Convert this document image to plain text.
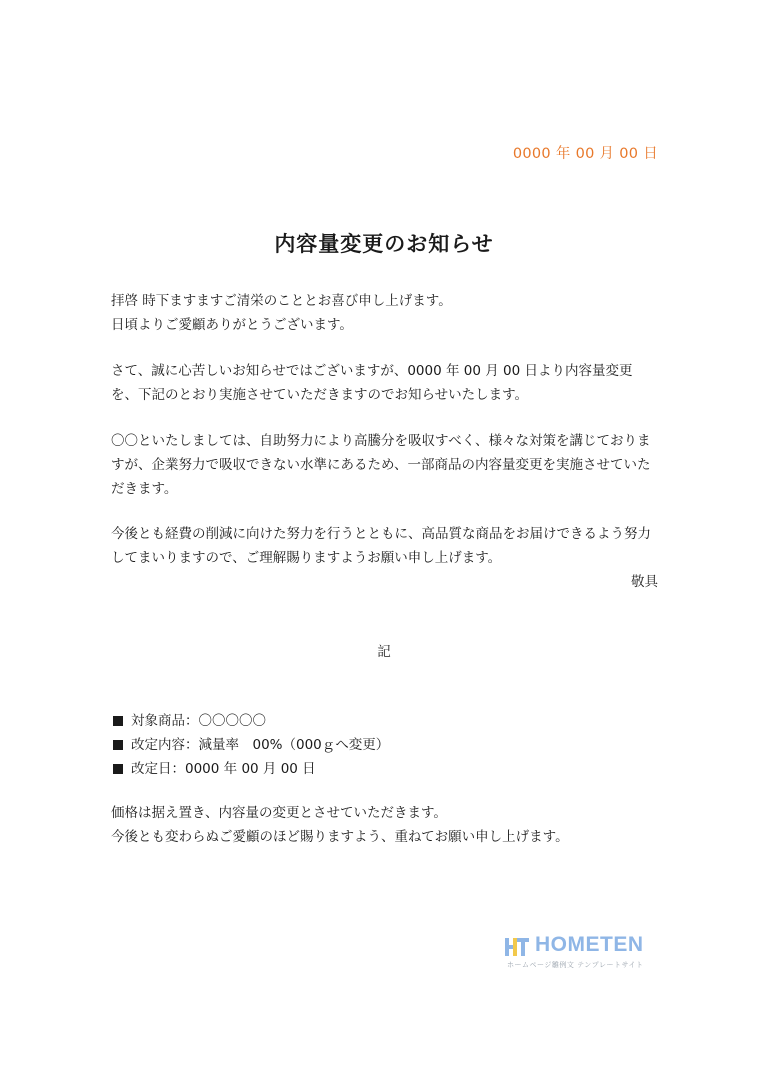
0000 年 00 月 00 日
内容量変更のお知らせ
拝啓 時下ますますご清栄のこととお喜び申し上げます。
日頃よりご愛顧ありがとうございます。
さて、誠に心苦しいお知らせではございますが、0000 年 00 月 00 日より内容量変更
を、下記のとおり実施させていただきますのでお知らせいたします。
〇〇といたしましては、自助努力により高騰分を吸収すべく、様々な対策を講じておりま
すが、企業努力で吸収できない水準にあるため、一部商品の内容量変更を実施させていた
だきます。
今後とも経費の削減に向けた努力を行うとともに、高品質な商品をお届けできるよう努力
してまいりますので、ご理解賜りますようお願い申し上げます。
敬具
記
対象商品：〇〇〇〇〇
改定内容：減量率　00%（000ｇへ変更）
改定日：0000 年 00 月 00 日
価格は据え置き、内容量の変更とさせていただきます。
今後とも変わらぬご愛顧のほど賜りますよう、重ねてお願い申し上げます。
HOMETEN
ホームページ雛例文 テンプレートサイト
